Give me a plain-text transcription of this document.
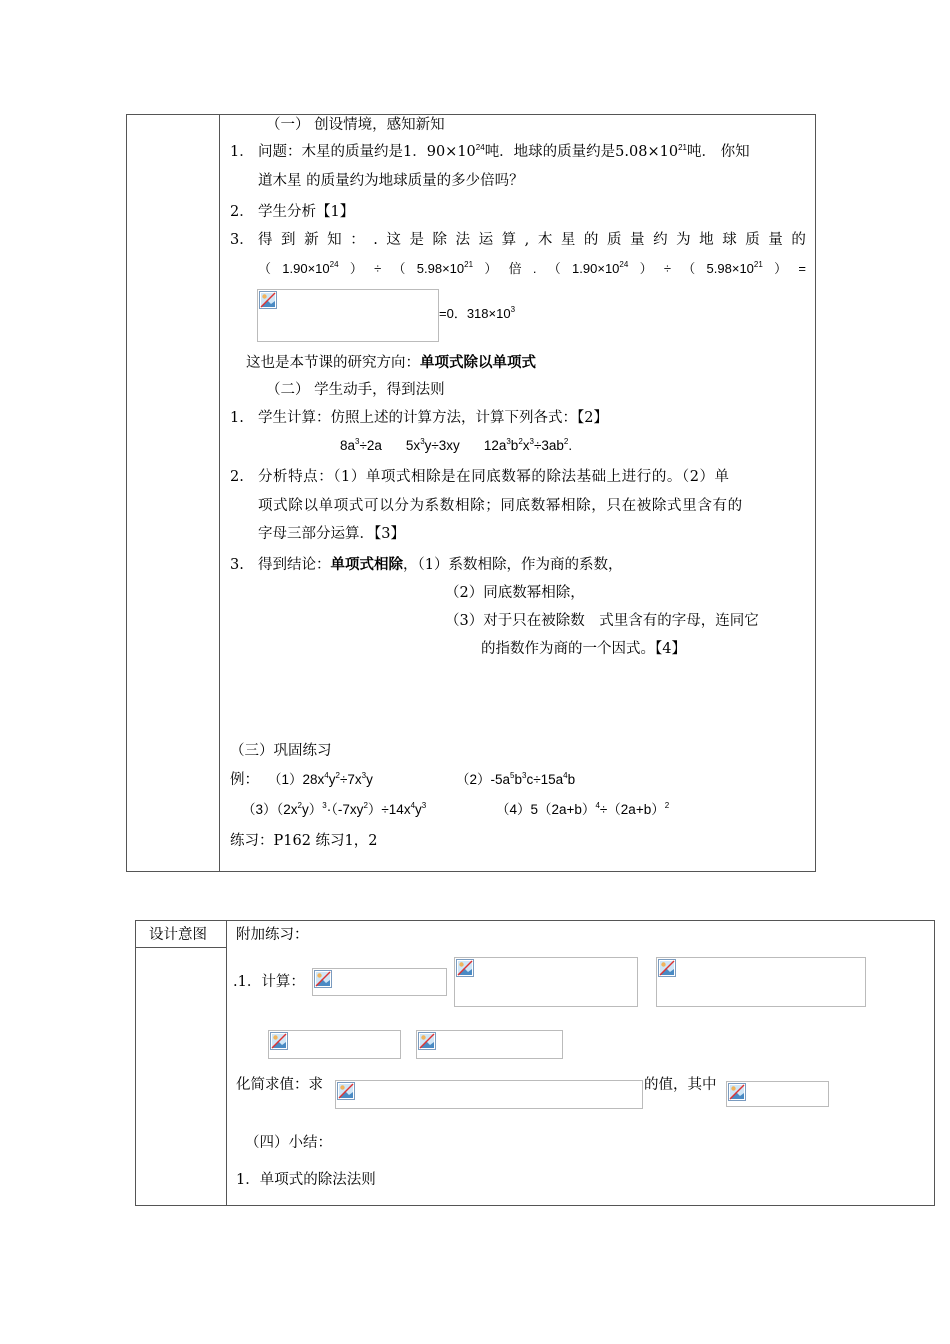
（一） 创设情境，感知新知
1． 问题：木星的质量约是1．$90\times 10^{24}$吨．地球的质量约是$5.08\times 10^{21}$吨． 你知
道木星 的质量约为地球质量的多少倍吗？
2． 学生分析【1】
3． 得 到 新 知 ： . 这 是 除 法 运 算 , 木 星 的 质 量 约 为 地 球 质 量 的
（ $1.90\times 10^{24}$ ） ÷ （ $5.98\times 10^{21}$ ） 倍 . （ $1.90\times 10^{24}$ ） ÷ （ $5.98\times 10^{21}$ ） =
=0．$318\times 10^3$
这也是本节课的研究方向：单项式除以单项式
（二） 学生动手，得到法则
1. 学生计算：仿照上述的计算方法，计算下列各式：【2】
$8a^3\div 2a$ $5x^3y\div 3xy$ $12a^3b^2x^3\div 3ab^2$.
2. 分析特点：（1）单项式相除是在同底数幂的除法基础上进行的。（2）单
项式除以单项式可以分为系数相除；同底数幂相除，只在被除式里含有的
字母三部分运算．【3】
3. 得到结论：单项式相除，（1）系数相除，作为商的系数，
（2）同底数幂相除，
（3）对于只在被除数　式里含有的字母，连同它
的指数作为商的一个因式。【4】
（三）巩固练习
例： $(1)28x^4y^2\div 7x^3y$	$(2)-5a^5b^3c\div 15a^4b$
$(3)(2x^2y)^3\cdot(-7xy^2)\div 14x^4y^3$	$(4)5(2a+b)^4\div(2a+b)^2$
练习：P162 练习1，2
设计意图 附加练习：
.1．计算：
化简求值：求	的值，其中
（四）小结：
1．单项式的除法法则
